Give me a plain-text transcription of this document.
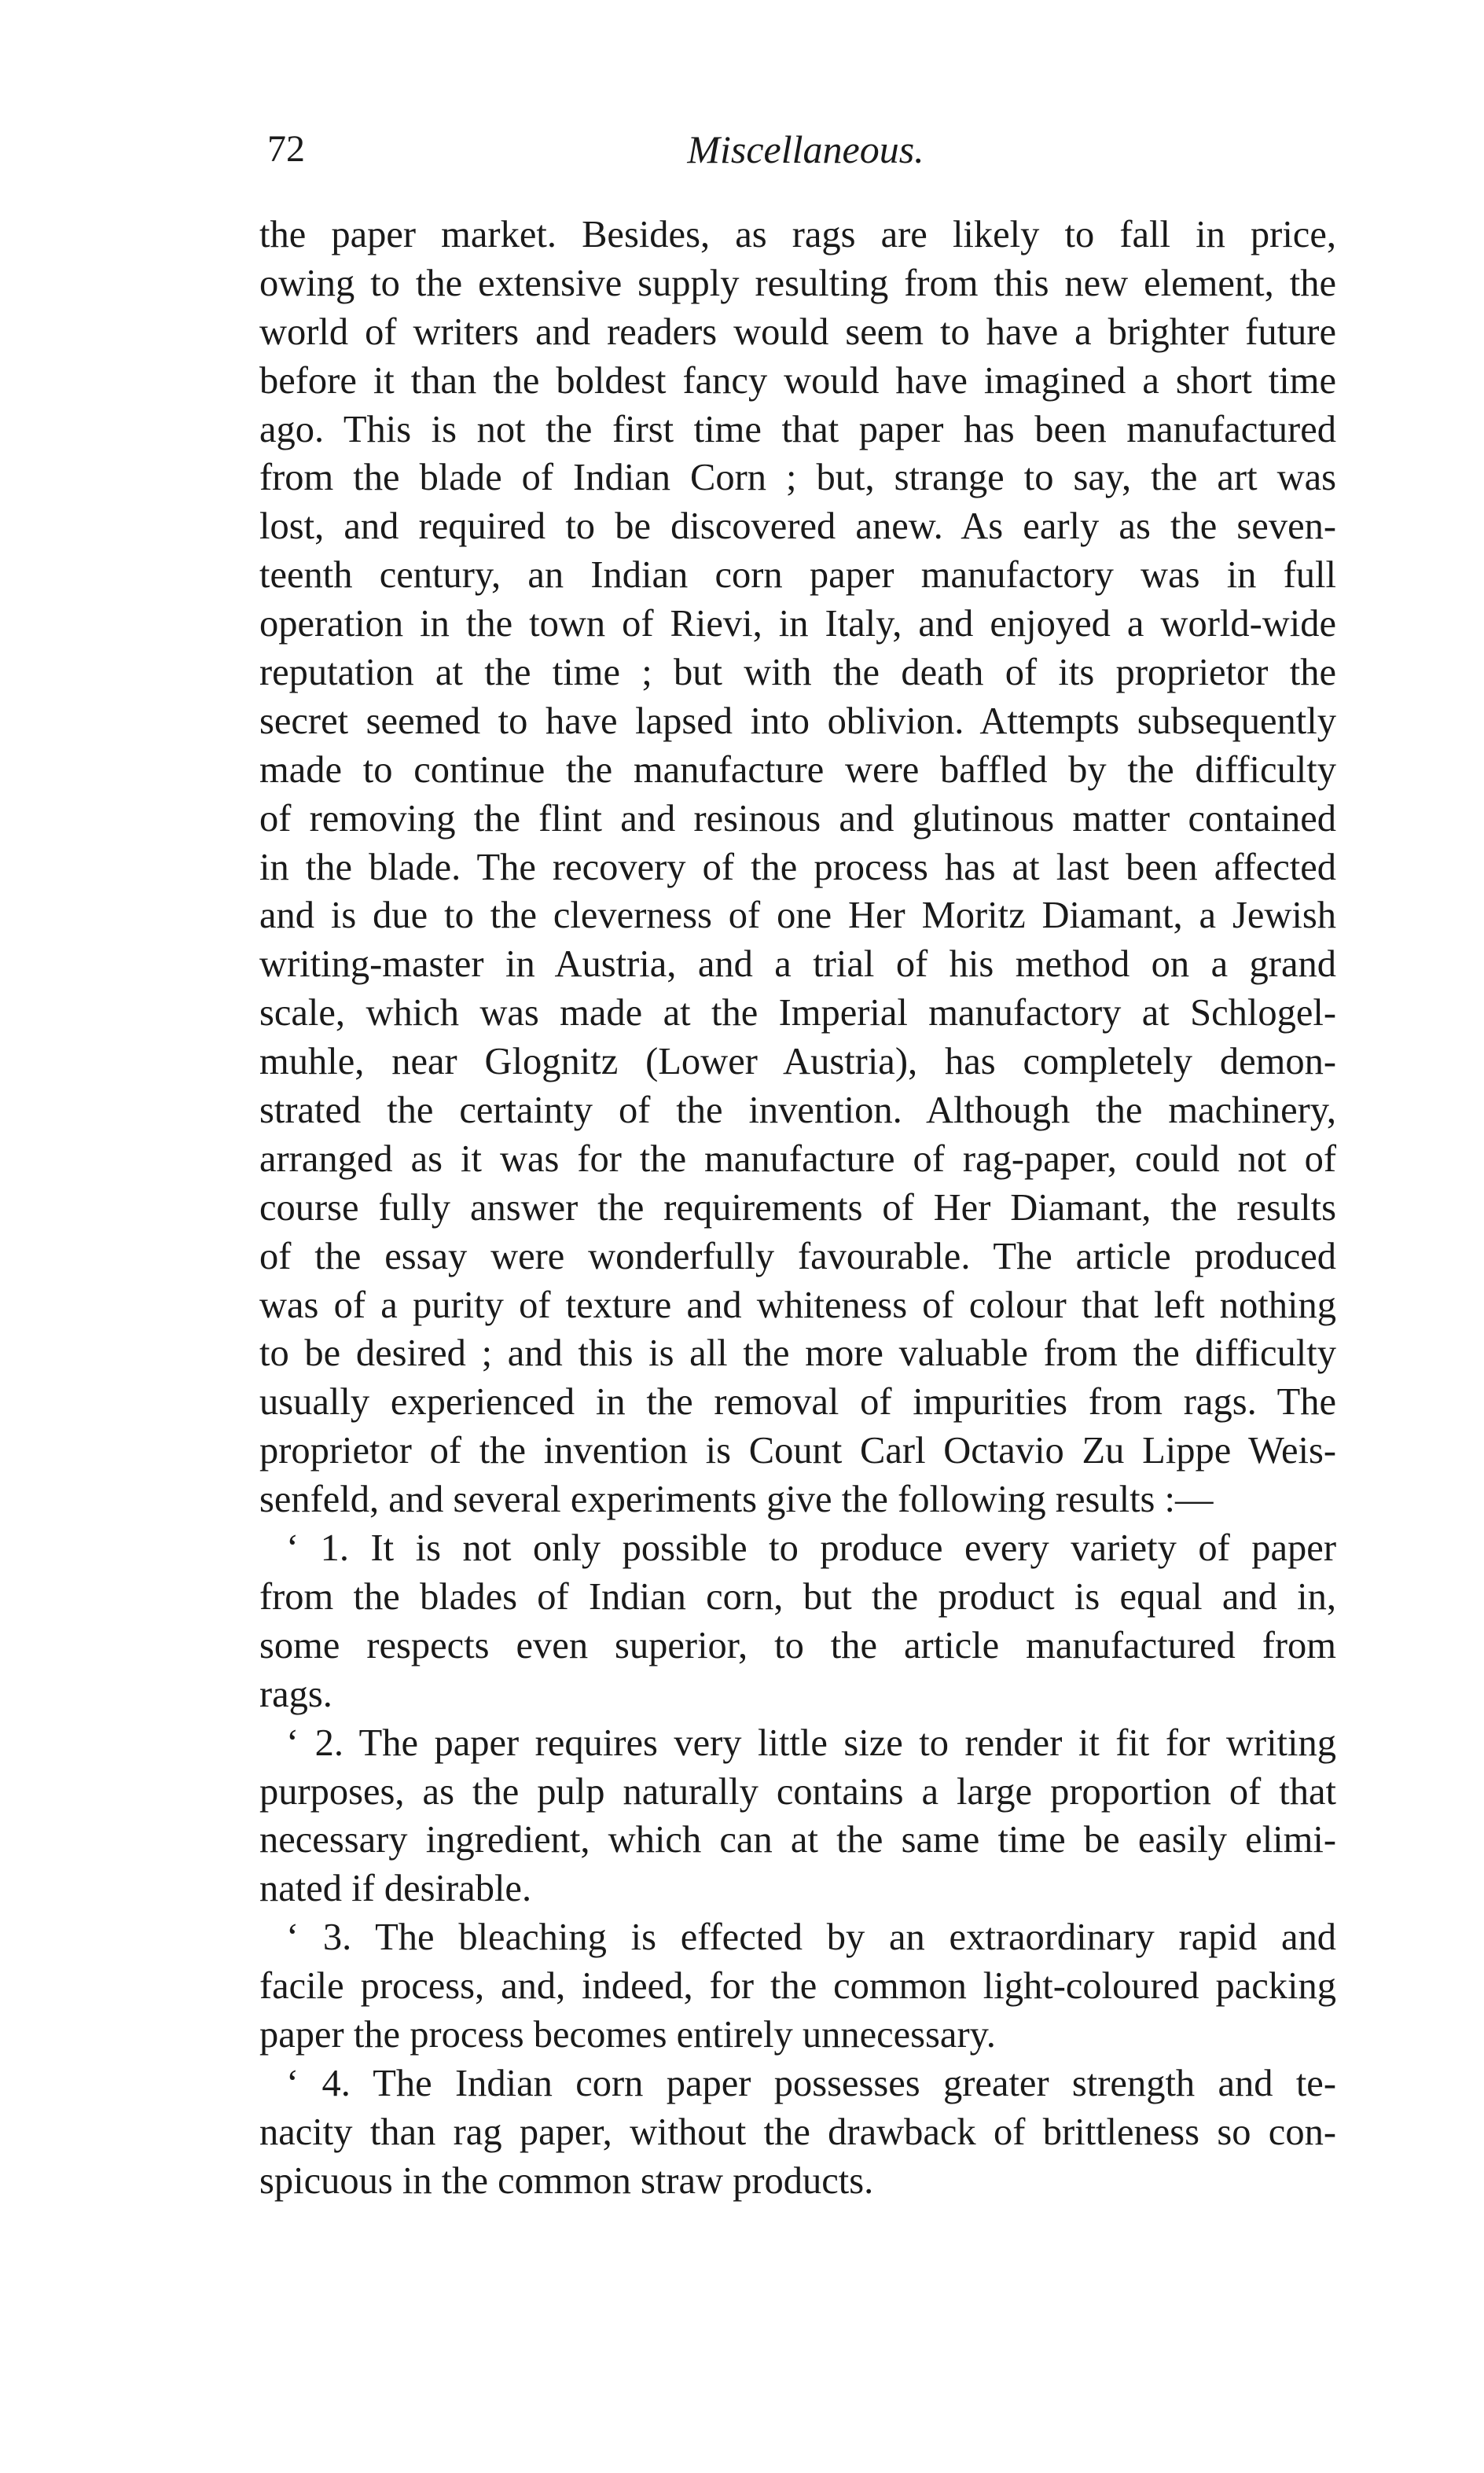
72	Miscellaneous.
the paper market. Besides, as rags are likely to fall in price,
owing to the extensive supply resulting from this new element, the
world of writers and readers would seem to have a brighter future
before it than the boldest fancy would have imagined a short time
ago. This is not the first time that paper has been manufactured
from the blade of Indian Corn ; but, strange to say, the art was
lost, and required to be discovered anew. As early as the seven-
teenth century, an Indian corn paper manufactory was in full
operation in the town of Rievi, in Italy, and enjoyed a world-wide
reputation at the time ; but with the death of its proprietor the
secret seemed to have lapsed into oblivion. Attempts subsequently
made to continue the manufacture were baffled by the difficulty
of removing the flint and resinous and glutinous matter contained
in the blade. The recovery of the process has at last been affected
and is due to the cleverness of one Her Moritz Diamant, a Jewish
writing-master in Austria, and a trial of his method on a grand
scale, which was made at the Imperial manufactory at Schlogel-
muhle, near Glognitz (Lower Austria), has completely demon-
strated the certainty of the invention. Although the machinery,
arranged as it was for the manufacture of rag-paper, could not of
course fully answer the requirements of Her Diamant, the results
of the essay were wonderfully favourable. The article produced
was of a purity of texture and whiteness of colour that left nothing
to be desired ; and this is all the more valuable from the difficulty
usually experienced in the removal of impurities from rags. The
proprietor of the invention is Count Carl Octavio Zu Lippe Weis-
senfeld, and several experiments give the following results :—
‘ 1. It is not only possible to produce every variety of paper
from the blades of Indian corn, but the product is equal and in,
some respects even superior, to the article manufactured from
rags.
‘ 2. The paper requires very little size to render it fit for writing
purposes, as the pulp naturally contains a large proportion of that
necessary ingredient, which can at the same time be easily elimi-
nated if desirable.
‘ 3. The bleaching is effected by an extraordinary rapid and
facile process, and, indeed, for the common light-coloured packing
paper the process becomes entirely unnecessary.
‘ 4. The Indian corn paper possesses greater strength and te-
nacity than rag paper, without the drawback of brittleness so con-
spicuous in the common straw products.
